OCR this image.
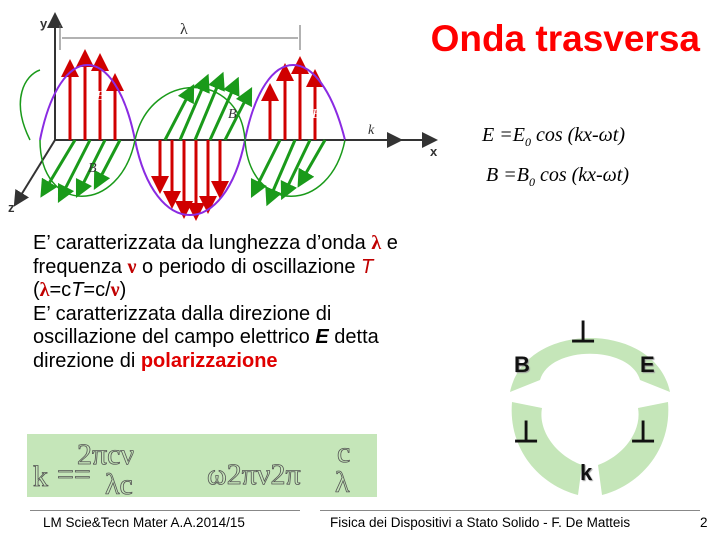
y
x
z
λ
k
E
E
B
B
Onda trasversa
$E =E_0$ cos (kx-ωt)
$B =B_0$ cos (kx-ωt)
E’ caratterizzata da lunghezza d’onda λ e
frequenza ν o periodo di oscillazione T
(λ=cT=c/ν)
E’ caratterizzata dalla direzione di
oscillazione del campo elettrico E detta
direzione di polarizzazione
⊥
⊥	⊥
B	E
k
k ==
2πcν
λc ω2πν2π
c
λ
LM Scie&Tecn Mater A.A.2014/15	Fisica dei Dispositivi a Stato Solido - F. De Matteis	2
